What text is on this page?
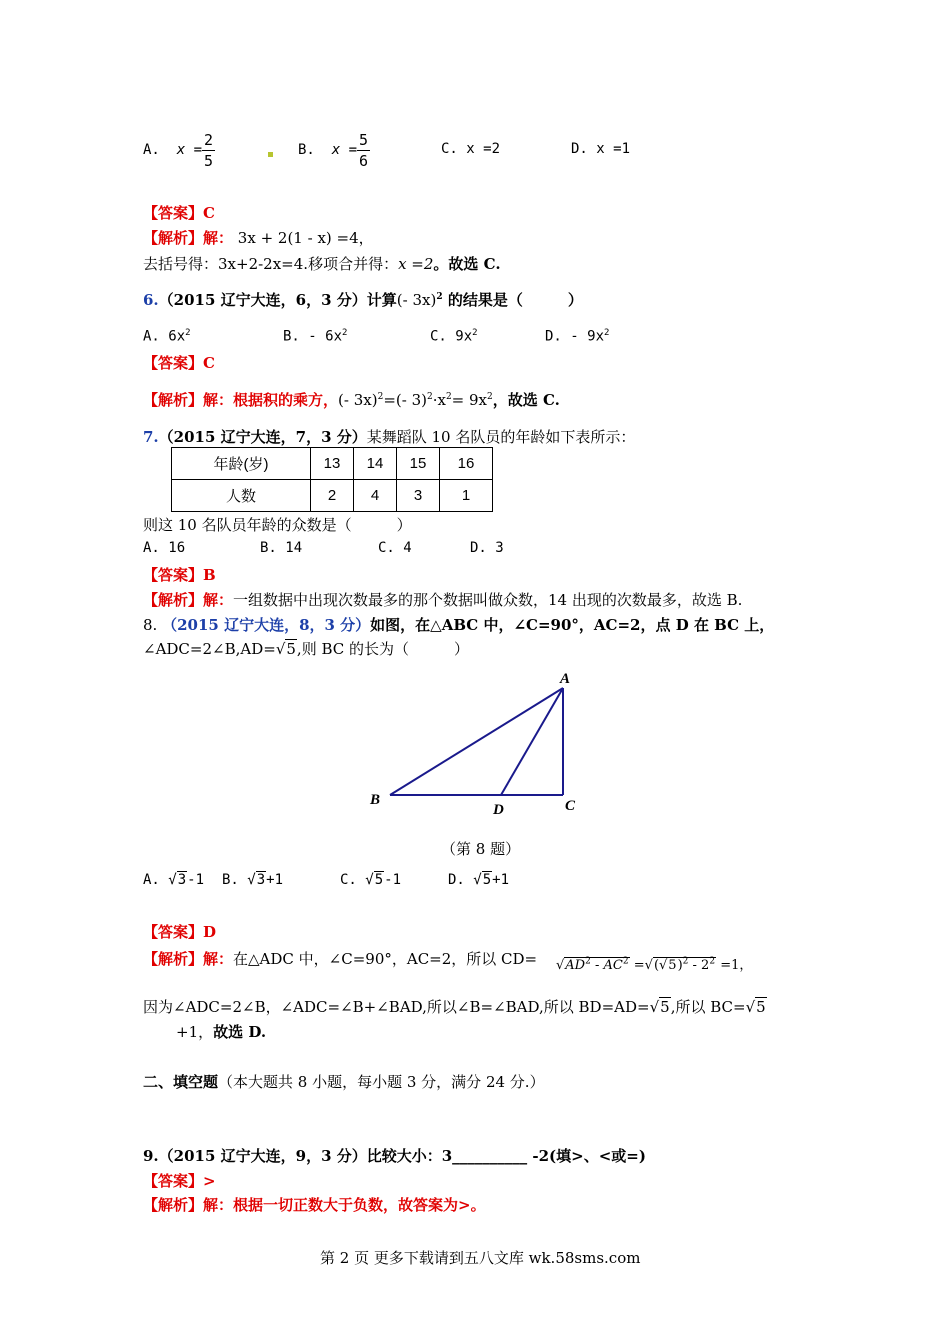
A. $x = \frac{2}{5}$	B. $x = \frac{5}{6}$	C. x =2	D. x =1
【答案】C
【解析】解： 3x + 2(1 - x) =4，
去括号得：3x+2-2x=4.移项合并得：x =2。故选 C.
6.（2015 辽宁大连，6，3 分）计算(- 3x)$^2$ 的结果是（　　　）
A. $6x^2$	B. - $6x^2$	C. $9x^2$	D. - $9x^2$
【答案】C
【解析】解：根据积的乘方，(- 3x)$^2$=(- $3)^2\cdot x^2= 9x^2$，故选 C.
7.（2015 辽宁大连，7，3 分）某舞蹈队 10 名队员的年龄如下表所示：
年龄(岁)	13	14	15	16
人数	2	4	3	1
则这 10 名队员年龄的众数是（　　　）
A. 16	B. 14	C. 4	D. 3
【答案】B
【解析】解：一组数据中出现次数最多的那个数据叫做众数，14 出现的次数最多，故选 B.
8. （2015 辽宁大连，8，3 分）如图，在△ABC 中，∠C=90°，AC=2，点 D 在 BC 上，
∠ADC=2∠B,AD=√5,则 BC 的长为（　　　）
A
B	C
D
（第 8 题）
A. √3-1 B. √3+1	C. √5-1	D. √5+1
【答案】D
【解析】解：在△ADC 中，∠C=90°，AC=2，所以 $CD= √AD^2 - AC^2 =√(√5)^2 - 2^2 =1$，
因为∠ADC=2∠B，∠ADC=∠B+∠BAD,所以∠B=∠BAD,所以 BD=AD=√5,所以 BC=√5
+1，故选 D.
二、填空题（本大题共 8 小题，每小题 3 分，满分 24 分.）
9.（2015 辽宁大连，9，3 分）比较大小：3__________ -2(填>、<或=)
【答案】>
【解析】解：根据一切正数大于负数，故答案为>。
第 2 页 更多下载请到五八文库 wk.58sms.com
